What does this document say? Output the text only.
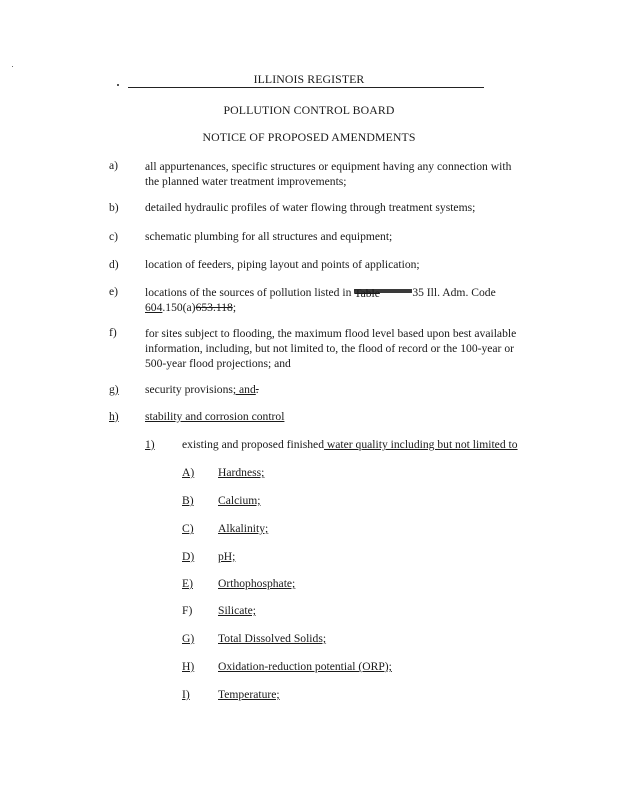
ILLINOIS REGISTER
POLLUTION CONTROL BOARD
NOTICE OF PROPOSED AMENDMENTS
a) all appurtenances, specific structures or equipment having any connection with
the planned water treatment improvements;
b) detailed hydraulic profiles of water flowing through treatment systems;
c) schematic plumbing for all structures and equipment;
d) location of feeders, piping layout and points of application;
e) locations of the sources of pollution listed in Table	35 Ill. Adm. Code
604.150(a)653.118;
f) for sites subject to flooding, the maximum flood level based upon best available
information, including, but not limited to, the flood of record or the 100-year or
500-year flood projections; and
g) security provisions; and.
h) stability and corrosion control
1) existing and proposed finished water quality including but not limited to
A) Hardness;
B) Calcium;
C) Alkalinity;
D) pH;
E) Orthophosphate;
F) Silicate;
G) Total Dissolved Solids;
H) Oxidation-reduction potential (ORP);
I) Temperature;
